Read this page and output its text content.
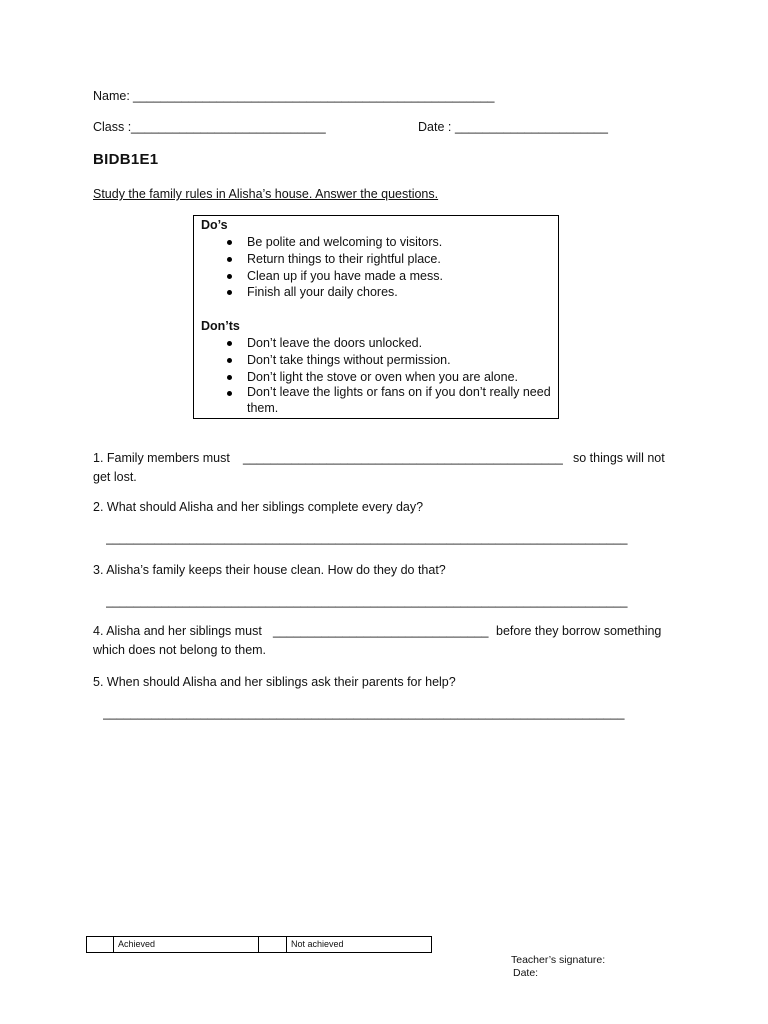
Name: ____________________________________________________
Class : ____________________________	Date : ______________________
BIDB1E1
Study the family rules in Alisha’s house. Answer the questions.
Do’s
Be polite and welcoming to visitors.
Return things to their rightful place.
Clean up if you have made a mess.
Finish all your daily chores.
Don’ts
Don’t leave the doors unlocked.
Don’t take things without permission.
Don’t light the stove or oven when you are alone.
Don’t leave the lights or fans on if you don’t really need them.
1. Family members must ______________________________________________ so things will not
get lost.
2. What should Alisha and her siblings complete every day?
___________________________________________________________________________
3. Alisha’s family keeps their house clean. How do they do that?
___________________________________________________________________________
4. Alisha and her siblings must _______________________________ before they borrow something
which does not belong to them.
5. When should Alisha and her siblings ask their parents for help?
___________________________________________________________________________
Achieved	Not achieved
Teacher’s signature:
Date:
